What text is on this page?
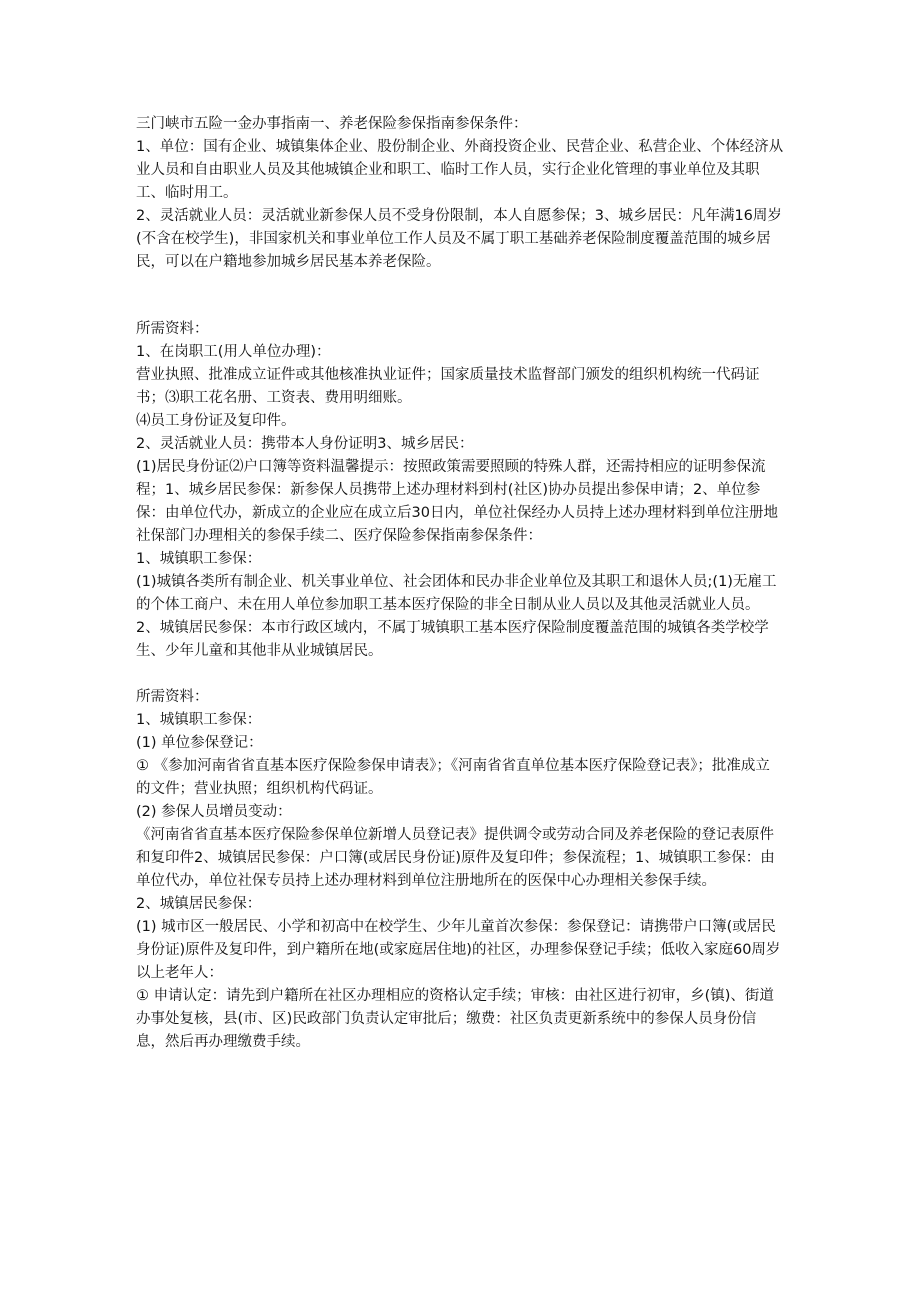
三门峡市五险一金办事指南一、养老保险参保指南参保条件：

1、单位：国有企业、城镇集体企业、股份制企业、外商投资企业、民营企业、私营企业、个体经济从业人员和自由职业人员及其他城镇企业和职工、临时工作人员，实行企业化管理的事业单位及其职工、临时用工。

2、灵活就业人员：灵活就业新参保人员不受身份限制，本人自愿参保；3、城乡居民：凡年满16周岁(不含在校学生)，非国家机关和事业单位工作人员及不属丁职工基础养老保险制度覆盖范围的城乡居民，可以在户籍地参加城乡居民基本养老保险。

所需资料：

1、在岗职工(用人单位办理)：

营业执照、批准成立证件或其他核准执业证件；国家质量技术监督部门颁发的组织机构统一代码证书；⑶职工花名册、工资表、费用明细账。

⑷员工身份证及复印件。

2、灵活就业人员：携带本人身份证明3、城乡居民：

(1)居民身份证⑵户口簿等资料温馨提示：按照政策需要照顾的特殊人群，还需持相应的证明参保流程；1、城乡居民参保：新参保人员携带上述办理材料到村(社区)协办员提出参保申请；2、单位参保：由单位代办，新成立的企业应在成立后30日内，单位社保经办人员持上述办理材料到单位注册地社保部门办理相关的参保手续二、医疗保险参保指南参保条件：

1、城镇职工参保：

(1)城镇各类所有制企业、机关事业单位、社会团体和民办非企业单位及其职工和退休人员;(1)无雇工的个体工商户、未在用人单位参加职工基本医疗保险的非全日制从业人员以及其他灵活就业人员。

2、城镇居民参保：本市行政区域内，不属丁城镇职工基本医疗保险制度覆盖范围的城镇各类学校学生、少年儿童和其他非从业城镇居民。

所需资料：

1、城镇职工参保：

(1) 单位参保登记：

① 《参加河南省省直基本医疗保险参保申请表》；《河南省省直单位基本医疗保险登记表》；批准成立的文件；营业执照；组织机构代码证。

(2) 参保人员增员变动：

《河南省省直基本医疗保险参保单位新增人员登记表》提供调令或劳动合同及养老保险的登记表原件和复印件2、城镇居民参保：户口簿(或居民身份证)原件及复印件；参保流程；1、城镇职工参保：由单位代办，单位社保专员持上述办理材料到单位注册地所在的医保中心办理相关参保手续。

2、城镇居民参保：

(1) 城市区一般居民、小学和初高中在校学生、少年儿童首次参保：参保登记：请携带户口簿(或居民身份证)原件及复印件，到户籍所在地(或家庭居住地)的社区，办理参保登记手续；低收入家庭60周岁以上老年人：

① 申请认定：请先到户籍所在社区办理相应的资格认定手续；审核：由社区进行初审，乡(镇)、街道办事处复核，县(市、区)民政部门负责认定审批后；缴费：社区负责更新系统中的参保人员身份信息，然后再办理缴费手续。
